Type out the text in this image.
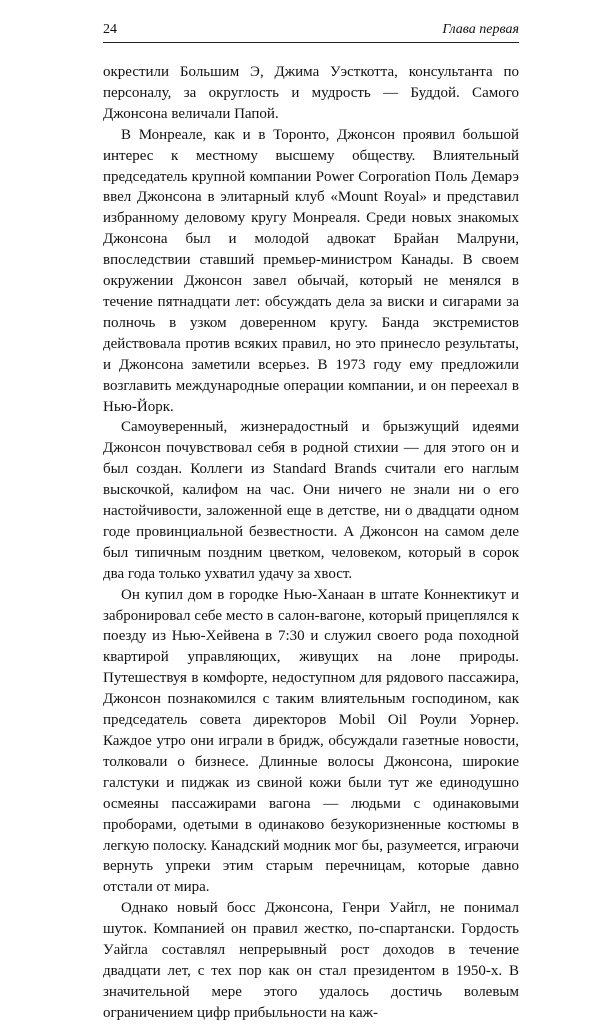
24	Глава первая

окрестили Большим Э, Джима Уэсткотта, консультанта по персоналу, за округлость и мудрость — Буддой. Самого Джонсона величали Папой.

В Монреале, как и в Торонто, Джонсон проявил большой интерес к местному высшему обществу. Влиятельный председатель крупной компании Power Corporation Поль Демарэ ввел Джонсона в элитарный клуб «Mount Royal» и представил избранному деловому кругу Монреаля. Среди новых знакомых Джонсона был и молодой адвокат Брайан Малруни, впоследствии ставший премьер-министром Канады. В своем окружении Джонсон завел обычай, который не менялся в течение пятнадцати лет: обсуждать дела за виски и сигарами за полночь в узком доверенном кругу. Банда экстремистов действовала против всяких правил, но это принесло результаты, и Джонсона заметили всерьез. В 1973 году ему предложили возглавить международные операции компании, и он переехал в Нью-Йорк.

Самоуверенный, жизнерадостный и брызжущий идеями Джонсон почувствовал себя в родной стихии — для этого он и был создан. Коллеги из Standard Brands считали его наглым выскочкой, калифом на час. Они ничего не знали ни о его настойчивости, заложенной еще в детстве, ни о двадцати одном годе провинциальной безвестности. А Джонсон на самом деле был типичным поздним цветком, человеком, который в сорок два года только ухватил удачу за хвост.

Он купил дом в городке Нью-Ханаан в штате Коннектикут и забронировал себе место в салон-вагоне, который прицеплялся к поезду из Нью-Хейвена в 7:30 и служил своего рода походной квартирой управляющих, живущих на лоне природы. Путешествуя в комфорте, недоступном для рядового пассажира, Джонсон познакомился с таким влиятельным господином, как председатель совета директоров Mobil Oil Роули Уорнер. Каждое утро они играли в бридж, обсуждали газетные новости, толковали о бизнесе. Длинные волосы Джонсона, широкие галстуки и пиджак из свиной кожи были тут же единодушно осмеяны пассажирами вагона — людьми с одинаковыми проборами, одетыми в одинаково безукоризненные костюмы в легкую полоску. Канадский модник мог бы, разумеется, играючи вернуть упреки этим старым перечницам, которые давно отстали от мира.

Однако новый босс Джонсона, Генри Уайгл, не понимал шуток. Компанией он правил жестко, по-спартански. Гордость Уайгла составлял непрерывный рост доходов в течение двадцати лет, с тех пор как он стал президентом в 1950-х. В значительной мере этого удалось достичь волевым ограничением цифр прибыльности на каж-
